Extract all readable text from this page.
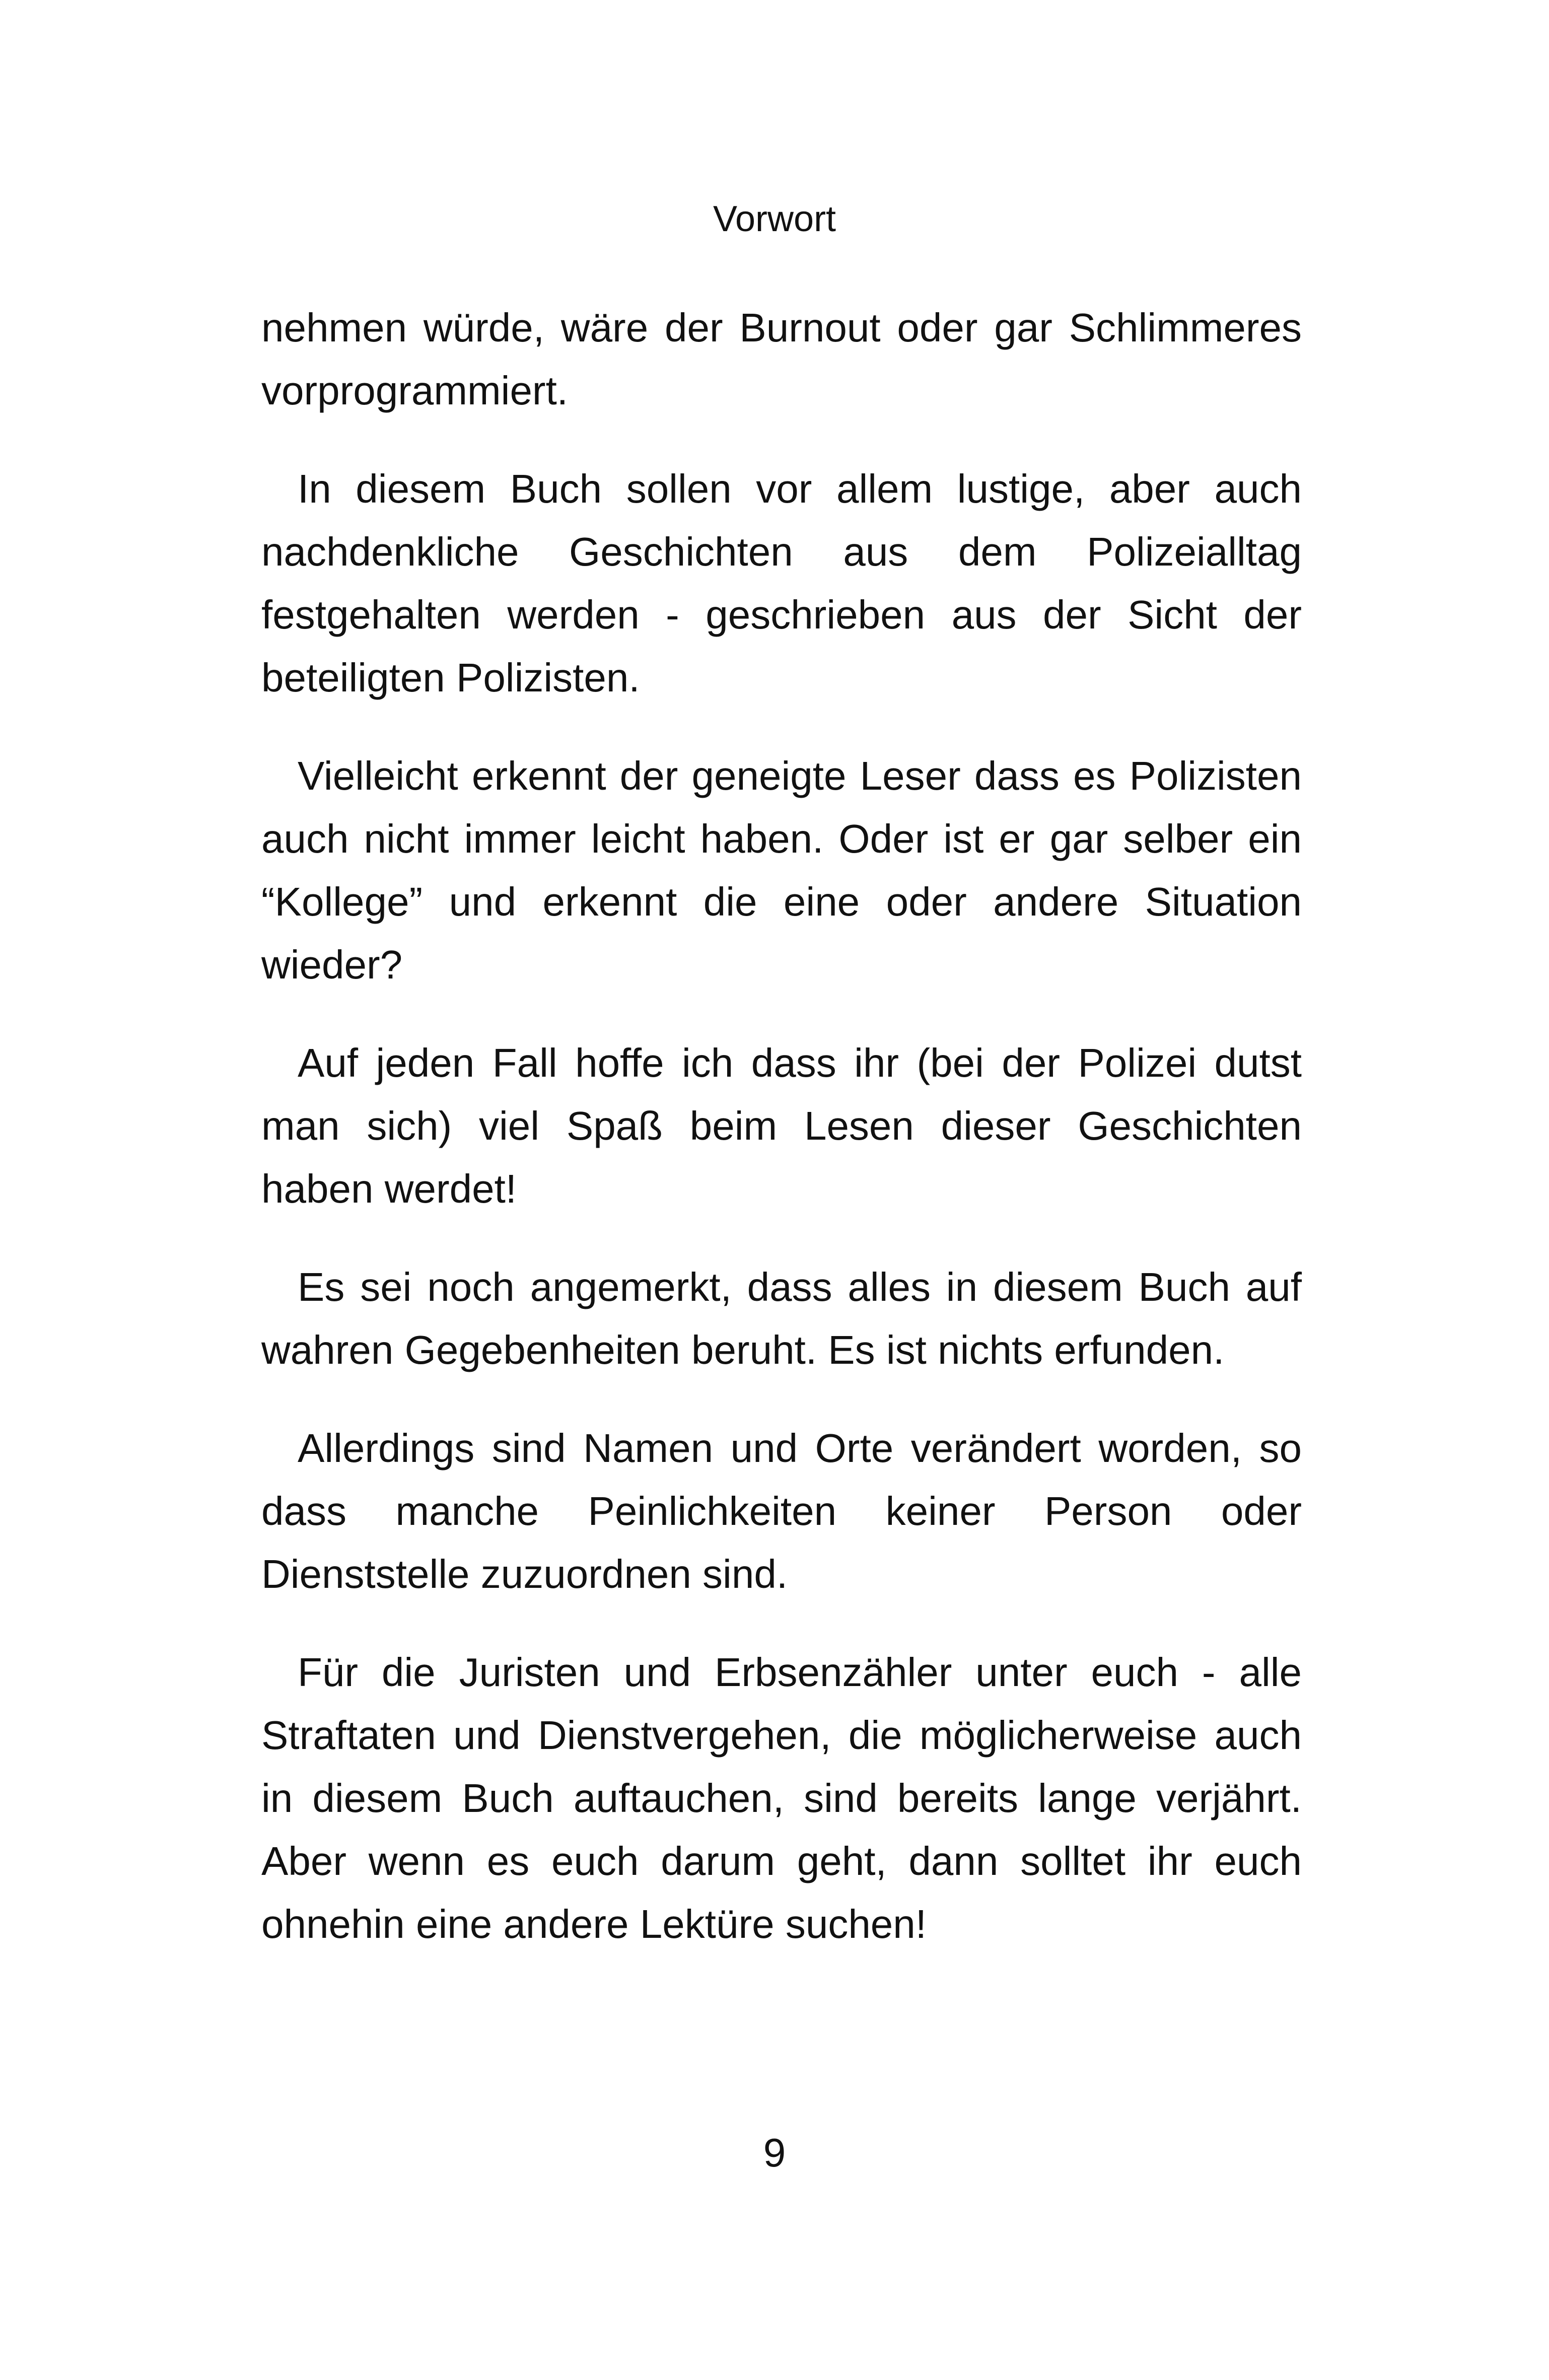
Vorwort

nehmen würde, wäre der Burnout oder gar Schlimmeres vorprogrammiert.

In diesem Buch sollen vor allem lustige, aber auch nachdenkliche Geschichten aus dem Polizeialltag festgehalten werden - geschrieben aus der Sicht der beteiligten Polizisten.

Vielleicht erkennt der geneigte Leser dass es Polizisten auch nicht immer leicht haben. Oder ist er gar selber ein “Kollege” und erkennt die eine oder andere Situation wieder?

Auf jeden Fall hoffe ich dass ihr (bei der Polizei dutst man sich) viel Spaß beim Lesen dieser Geschichten haben werdet!

Es sei noch angemerkt, dass alles in diesem Buch auf wahren Gegebenheiten beruht. Es ist nichts erfunden.

Allerdings sind Namen und Orte verändert worden, so dass manche Peinlichkeiten keiner Person oder Dienststelle zuzuordnen sind.

Für die Juristen und Erbsenzähler unter euch - alle Straftaten und Dienstvergehen, die möglicherweise auch in diesem Buch auftauchen, sind bereits lange verjährt. Aber wenn es euch darum geht, dann solltet ihr euch ohnehin eine andere Lektüre suchen!

9
